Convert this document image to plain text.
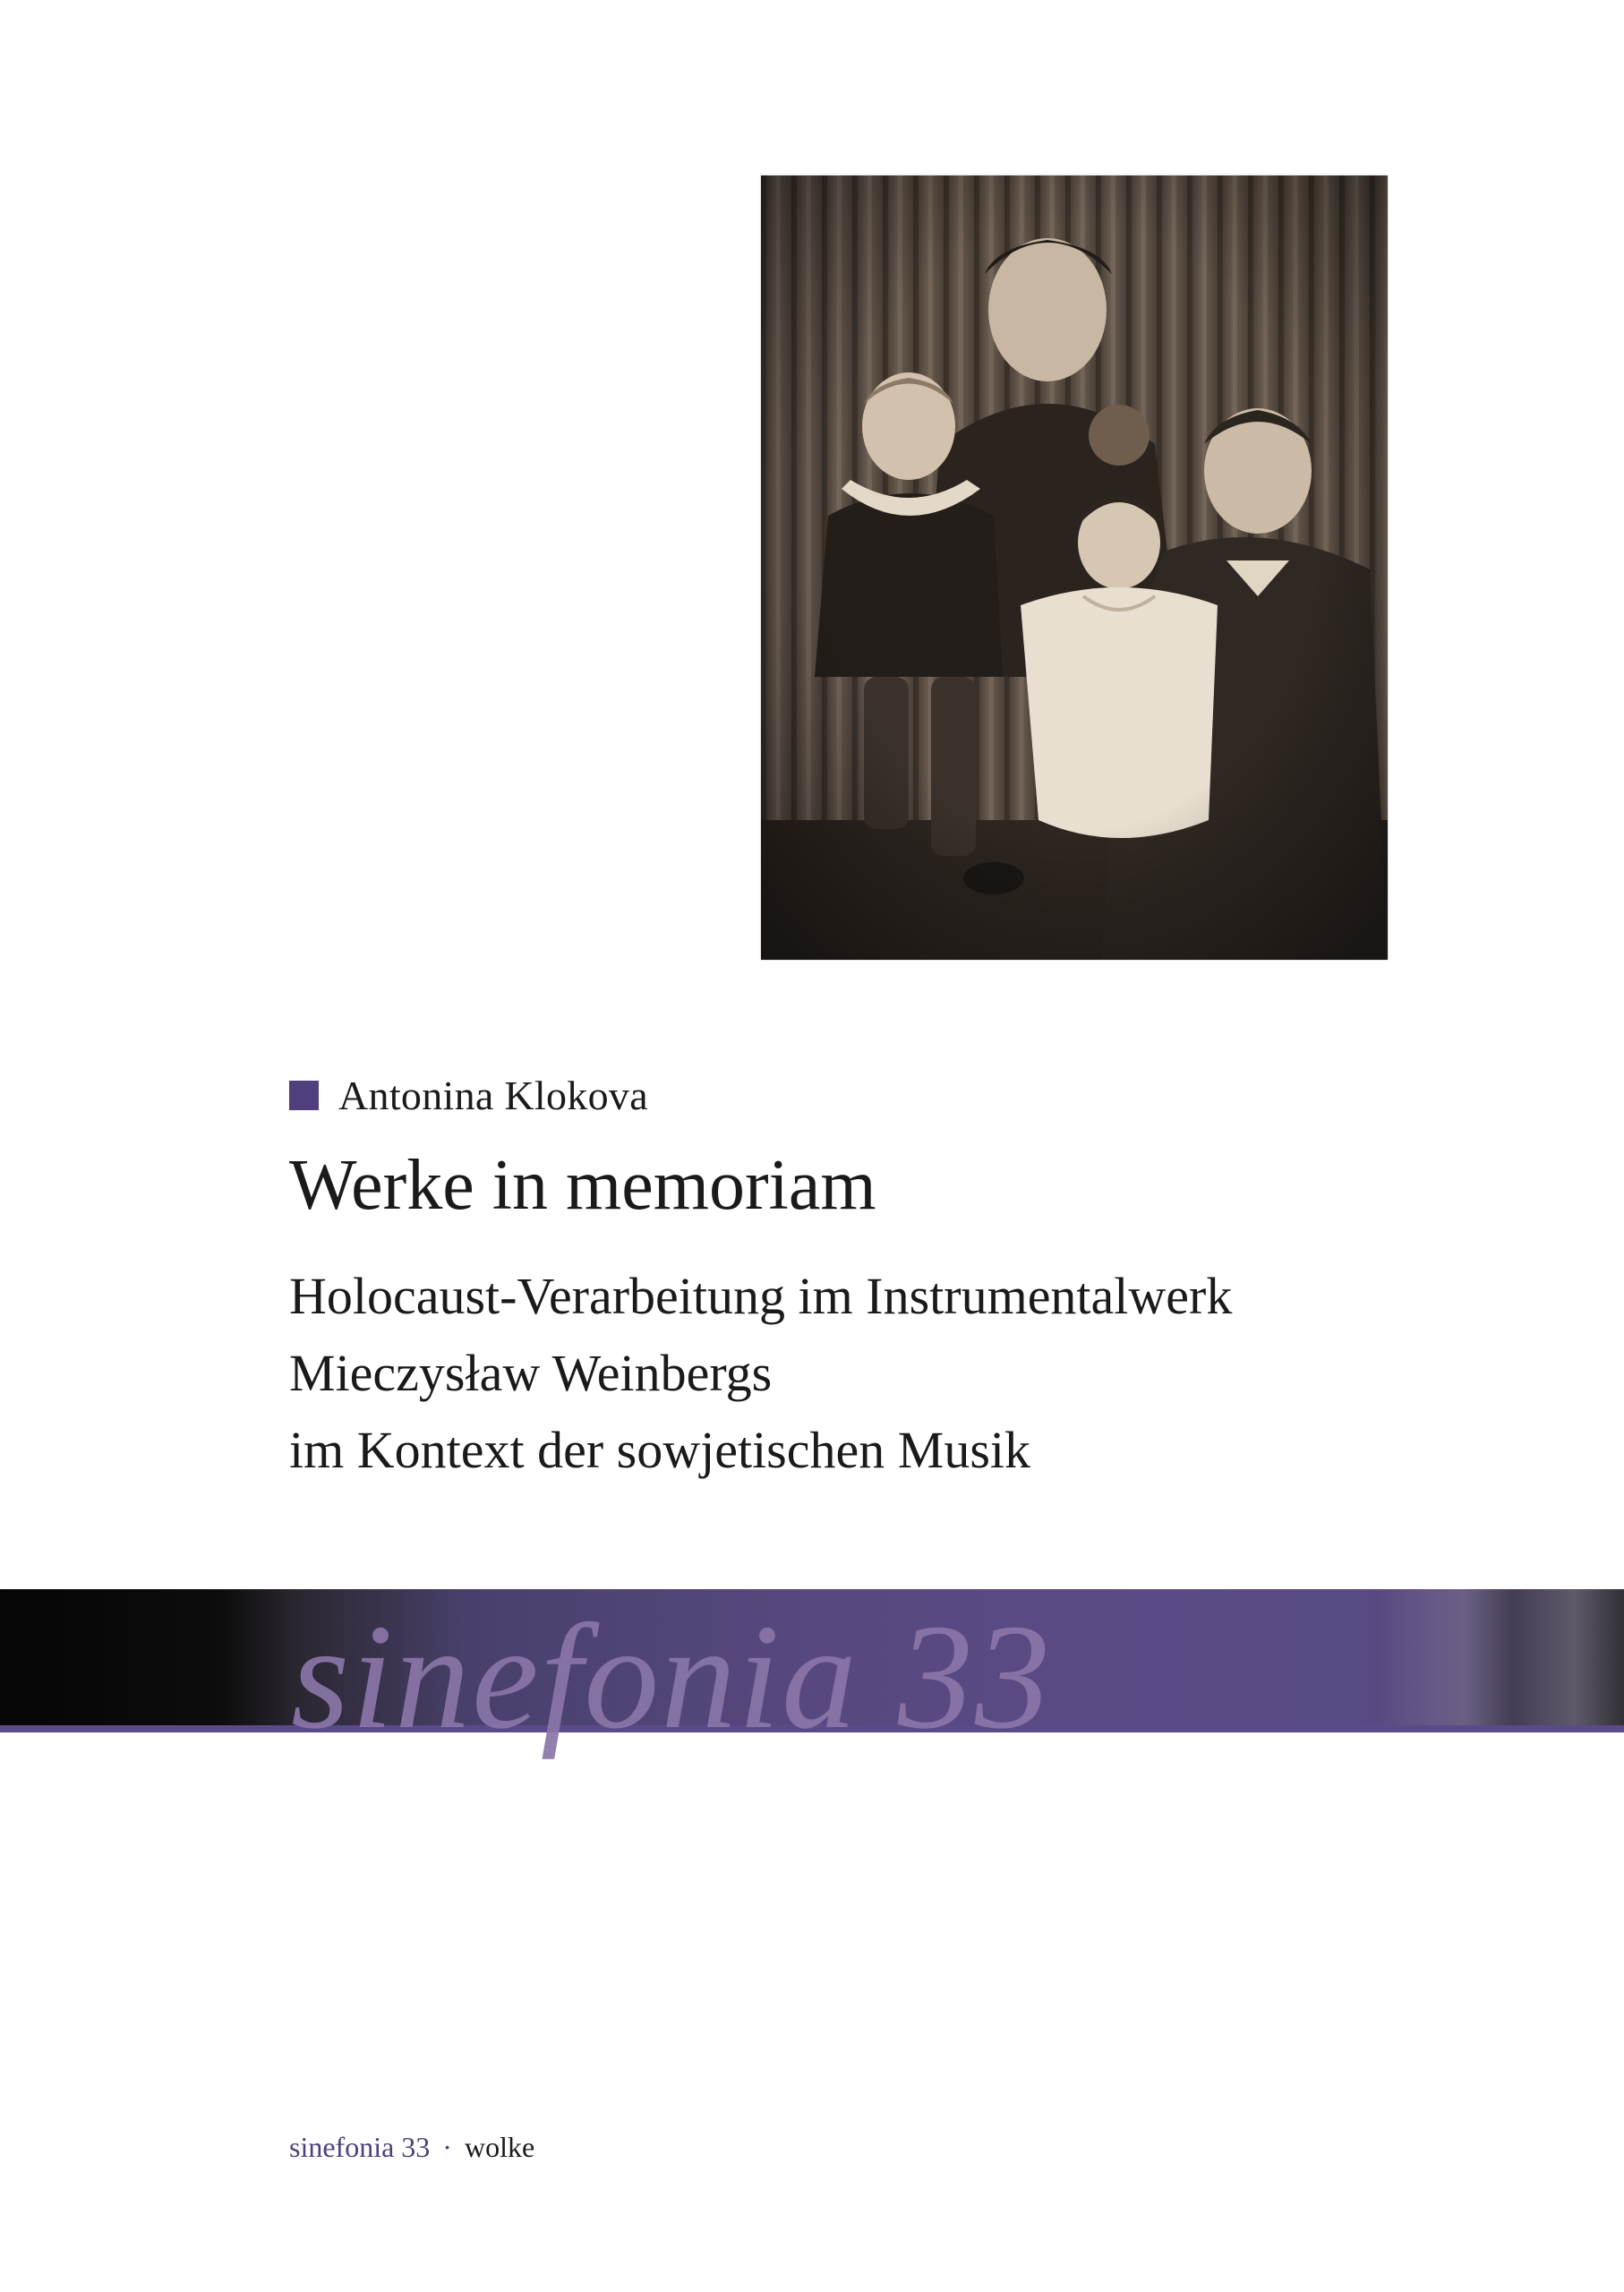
Antonina Klokova
Werke in memoriam
Holocaust-Verarbeitung im Instrumentalwerk
Mieczysław Weinbergs
im Kontext der sowjetischen Musik
sinefonia 33
sinefonia 33 · wolke
